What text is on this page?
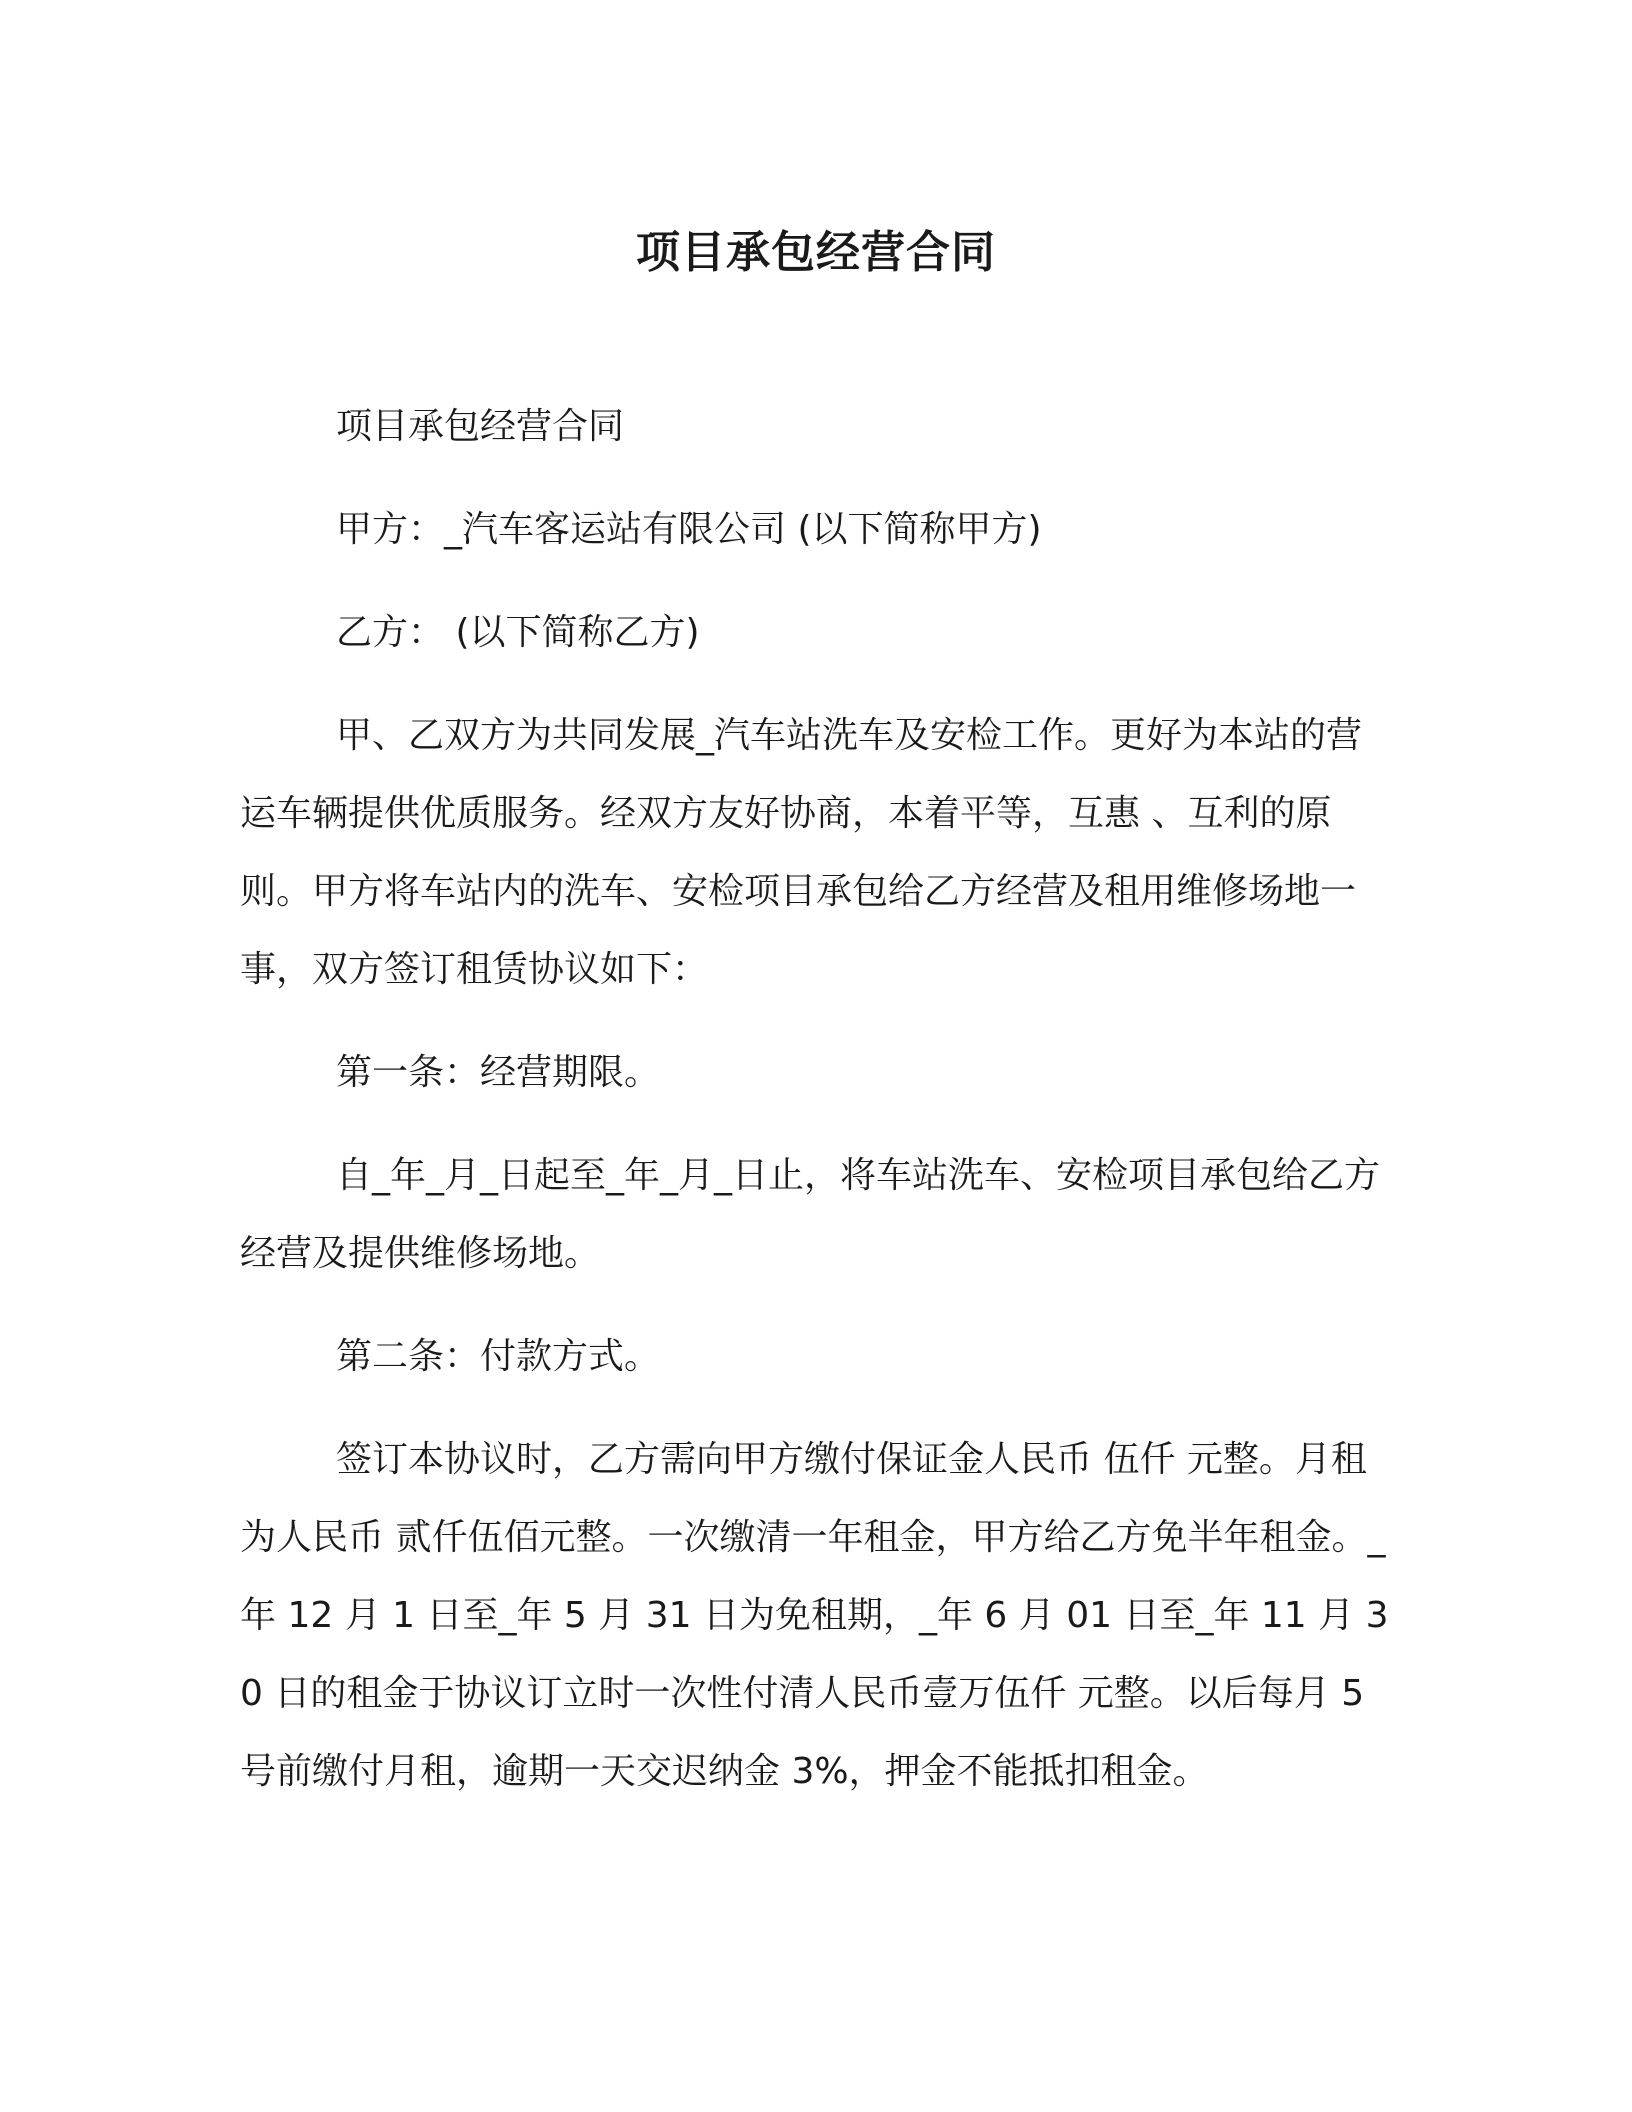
项目承包经营合同

项目承包经营合同

甲方：_汽车客运站有限公司 (以下简称甲方)

乙方： (以下简称乙方)

甲、乙双方为共同发展_汽车站洗车及安检工作。更好为本站的营运车辆提供优质服务。经双方友好协商，本着平等，互惠 、互利的原则。甲方将车站内的洗车、安检项目承包给乙方经营及租用维修场地一事，双方签订租赁协议如下：

第一条：经营期限。

自_年_月_日起至_年_月_日止，将车站洗车、安检项目承包给乙方经营及提供维修场地。

第二条：付款方式。

签订本协议时，乙方需向甲方缴付保证金人民币 伍仟 元整。月租为人民币 贰仟伍佰元整。一次缴清一年租金，甲方给乙方免半年租金。_年 12 月 1 日至_年 5 月 31 日为免租期，_年 6 月 01 日至_年 11 月 30 日的租金于协议订立时一次性付清人民币壹万伍仟 元整。以后每月 5 号前缴付月租，逾期一天交迟纳金 3%，押金不能抵扣租金。
